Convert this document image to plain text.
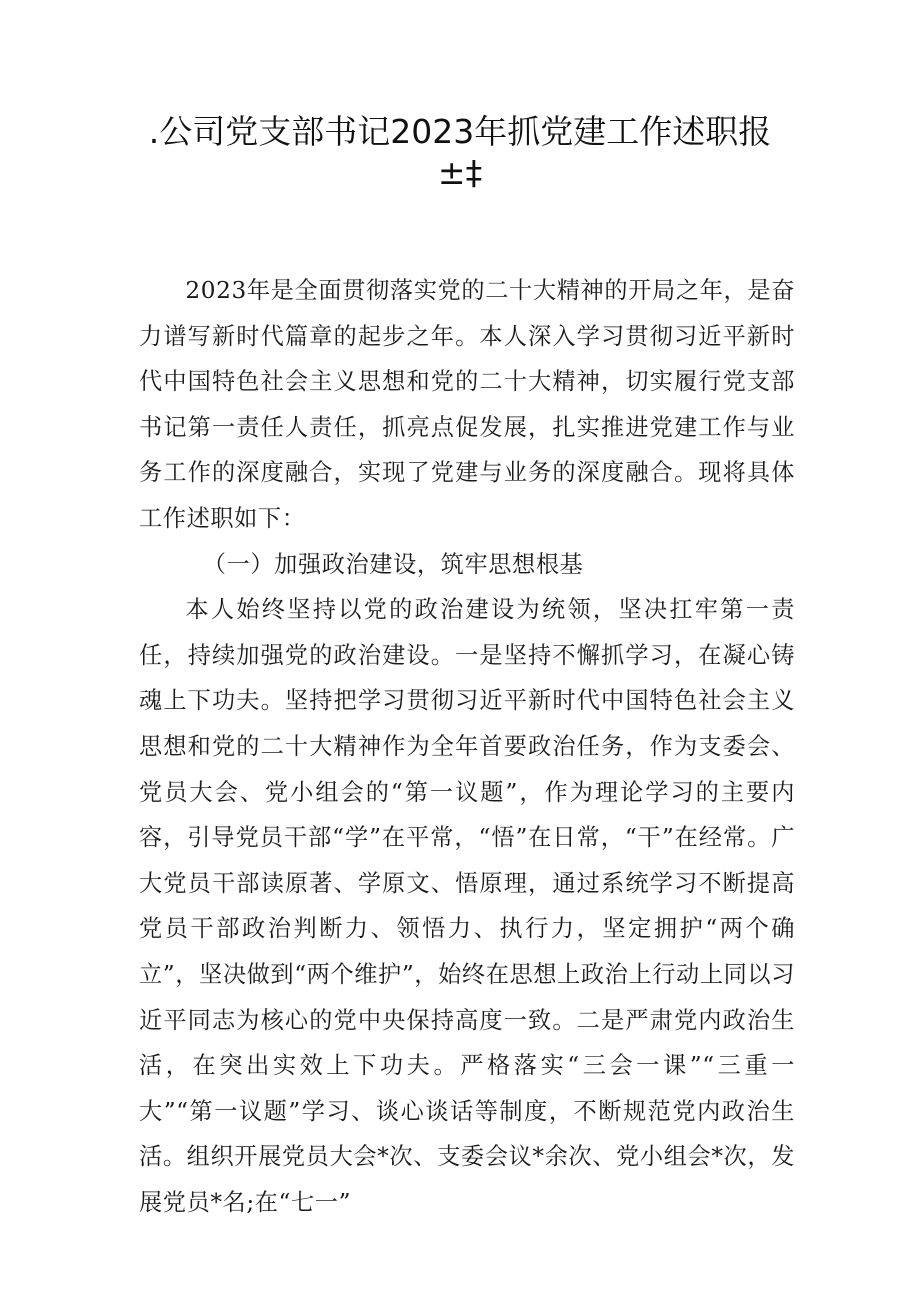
.公司党支部书记2023年抓党建工作述职报
±‡

2023年是全面贯彻落实党的二十大精神的开局之年，是奋力谱写新时代篇章的起步之年。本人深入学习贯彻习近平新时代中国特色社会主义思想和党的二十大精神，切实履行党支部书记第一责任人责任，抓亮点促发展，扎实推进党建工作与业务工作的深度融合，实现了党建与业务的深度融合。现将具体工作述职如下：

（一）加强政治建设，筑牢思想根基

本人始终坚持以党的政治建设为统领，坚决扛牢第一责任，持续加强党的政治建设。一是坚持不懈抓学习，在凝心铸魂上下功夫。坚持把学习贯彻习近平新时代中国特色社会主义思想和党的二十大精神作为全年首要政治任务，作为支委会、党员大会、党小组会的“第一议题”，作为理论学习的主要内容，引导党员干部“学”在平常，“悟”在日常，“干”在经常。广大党员干部读原著、学原文、悟原理，通过系统学习不断提高党员干部政治判断力、领悟力、执行力，坚定拥护“两个确立”，坚决做到“两个维护”，始终在思想上政治上行动上同以习近平同志为核心的党中央保持高度一致。二是严肃党内政治生活，在突出实效上下功夫。严格落实“三会一课”“三重一大”“第一议题”学习、谈心谈话等制度，不断规范党内政治生活。组织开展党员大会*次、支委会议*余次、党小组会*次，发展党员*名;在“七一”
